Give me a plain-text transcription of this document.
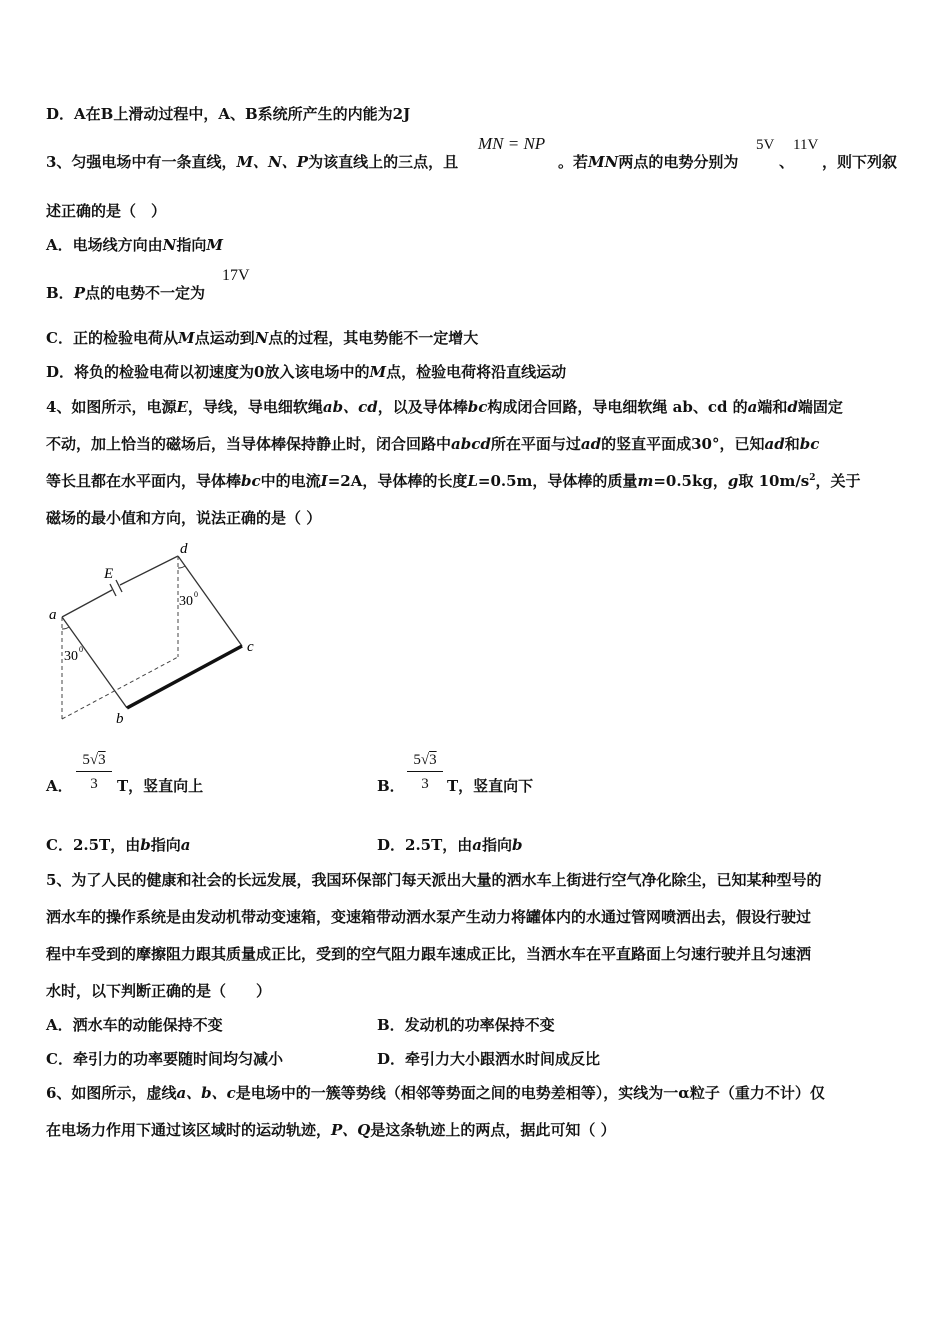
D．A在B上滑动过程中，A、B系统所产生的内能为2J
3、匀强电场中有一条直线，M、N、P为该直线上的三点，且
MN = NP
。若MN两点的电势分别为
5V
、
11V
，则下列叙
述正确的是（　）
A．电场线方向由N指向M
B．P点的电势不一定为
17V
C．正的检验电荷从M点运动到N点的过程，其电势能不一定增大
D．将负的检验电荷以初速度为0放入该电场中的M点，检验电荷将沿直线运动
4、如图所示，电源E，导线，导电细软绳ab、cd，以及导体棒bc构成闭合回路，导电细软绳 ab、cd 的a端和d端固定
不动，加上恰当的磁场后，当导体棒保持静止时，闭合回路中abcd所在平面与过ad的竖直平面成30°，已知ad和bc
等长且都在水平面内，导体棒bc中的电流I=2A，导体棒的长度L=0.5m，导体棒的质量m=0.5kg，g取 $10m/s^2$，关于
磁场的最小值和方向，说法正确的是（ ）
E
a
b
c
d
30 0
30 0
A． $\frac{5√3}{3}$ T，竖直向上	B． $\frac{5√3}{3}$ T，竖直向下
C．2.5T，由b指向a	D．2.5T，由a指向b
5、为了人民的健康和社会的长远发展，我国环保部门每天派出大量的洒水车上街进行空气净化除尘，已知某种型号的
洒水车的操作系统是由发动机带动变速箱，变速箱带动洒水泵产生动力将罐体内的水通过管网喷洒出去，假设行驶过
程中车受到的摩擦阻力跟其质量成正比，受到的空气阻力跟车速成正比，当洒水车在平直路面上匀速行驶并且匀速洒
水时，以下判断正确的是（　　）
A．洒水车的动能保持不变	B．发动机的功率保持不变
C．牵引力的功率要随时间均匀减小	D．牵引力大小跟洒水时间成反比
6、如图所示，虚线a、b、c是电场中的一簇等势线（相邻等势面之间的电势差相等），实线为一α粒子（重力不计）仅
在电场力作用下通过该区域时的运动轨迹，P、Q是这条轨迹上的两点，据此可知（ ）
